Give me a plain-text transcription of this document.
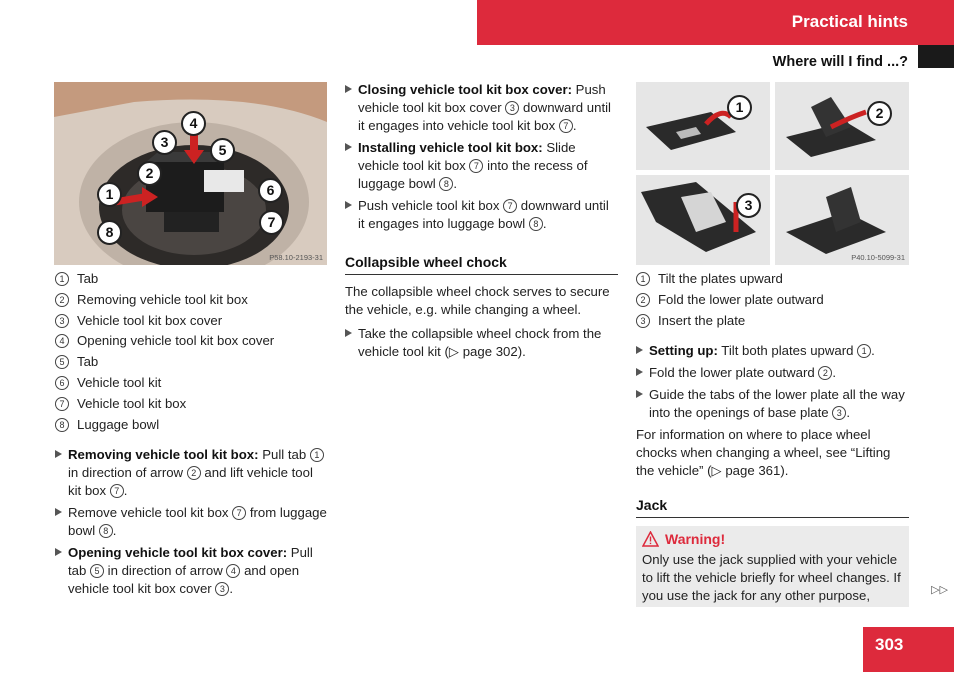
Practical hints
Where will I find ...?
1
2
3
4
5
6
7
8
P58.10-2193-31
1 Tab
2 Removing vehicle tool kit box
3 Vehicle tool kit box cover
4 Opening vehicle tool kit box cover
5 Tab
6 Vehicle tool kit
7 Vehicle tool kit box
8 Luggage bowl
Removing vehicle tool kit box: Pull tab 1 in direction of arrow 2 and lift vehicle tool kit box 7 .
Remove vehicle tool kit box 7 from luggage bowl 8 .
Opening vehicle tool kit box cover: Pull tab 5 in direction of arrow 4 and open vehicle tool kit box cover 3 .
Closing vehicle tool kit box cover: Push vehicle tool kit box cover 3 downward until it engages into vehicle tool kit box 7 .
Installing vehicle tool kit box: Slide vehicle tool kit box 7 into the recess of luggage bowl 8 .
Push vehicle tool kit box 7 downward until it engages into luggage bowl 8 .
Collapsible wheel chock
The collapsible wheel chock serves to secure the vehicle, e.g. while changing a wheel.
Take the collapsible wheel chock from the vehicle tool kit (▷ page 302).
1	2
3
P40.10-5099-31
1 Tilt the plates upward
2 Fold the lower plate outward
3 Insert the plate
Setting up: Tilt both plates upward 1 .
Fold the lower plate outward 2 .
Guide the tabs of the lower plate all the way into the openings of base plate 3 .
For information on where to place wheel chocks when changing a wheel, see “Lifting the vehicle” (▷ page 361).
Jack
Warning!
Only use the jack supplied with your vehicle to lift the vehicle briefly for wheel changes. If you use the jack for any other purpose,	▷▷
303
